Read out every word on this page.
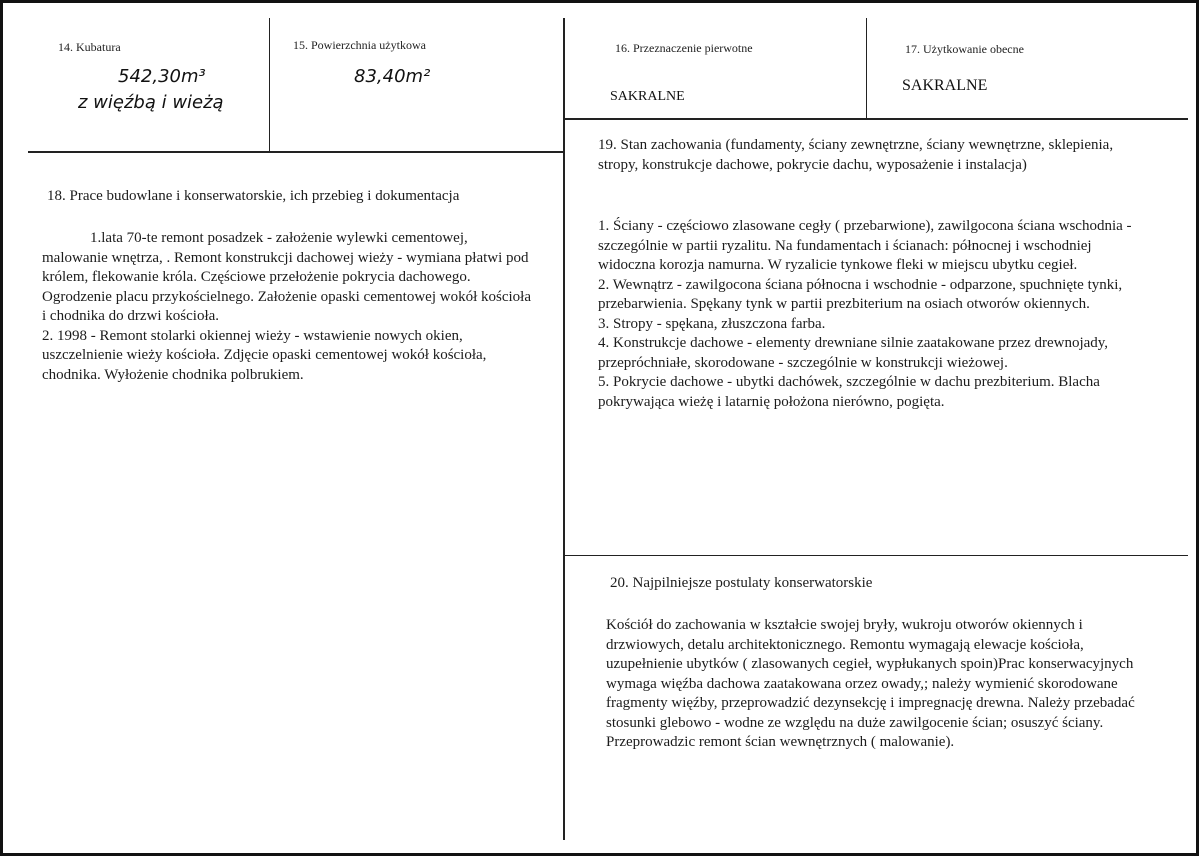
14. Kubatura
542,30m³
z więźbą i wieżą
15. Powierzchnia użytkowa
83,40m²
16. Przeznaczenie pierwotne
SAKRALNE
17. Użytkowanie obecne
SAKRALNE
18. Prace budowlane i konserwatorskie, ich przebieg i dokumentacja

1.lata 70-te remont posadzek - założenie wylewki cementowej, malowanie wnętrza, . Remont konstrukcji dachowej wieży - wymiana płatwi pod królem, flekowanie króla. Częściowe przełożenie pokrycia dachowego. Ogrodzenie placu przykościelnego. Założenie opaski cementowej wokół kościoła i chodnika do drzwi kościoła.

2. 1998 - Remont stolarki okiennej wieży - wstawienie nowych okien, uszczelnienie wieży kościoła. Zdjęcie opaski cementowej wokół kościoła, chodnika. Wyłożenie chodnika polbrukiem.

19. Stan zachowania (fundamenty, ściany zewnętrzne, ściany wewnętrzne, sklepienia, stropy, konstrukcje dachowe, pokrycie dachu, wyposażenie i instalacja)

1. Ściany - częściowo zlasowane cegły ( przebarwione), zawilgocona ściana wschodnia - szczególnie w partii ryzalitu. Na fundamentach i ścianach: północnej i wschodniej widoczna korozja namurna. W ryzalicie tynkowe fleki w miejscu ubytku cegieł.

2. Wewnątrz - zawilgocona ściana północna i wschodnie - odparzone, spuchnięte tynki, przebarwienia. Spękany tynk w partii prezbiterium na osiach otworów okiennych.

3. Stropy - spękana, złuszczona farba.

4. Konstrukcje dachowe - elementy drewniane silnie zaatakowane przez drewnojady, przepróchniałe, skorodowane - szczególnie w konstrukcji wieżowej.

5. Pokrycie dachowe - ubytki dachówek, szczególnie w dachu prezbiterium. Blacha pokrywająca wieżę i latarnię położona nierówno, pogięta.

20. Najpilniejsze postulaty konserwatorskie
Kościół do zachowania w kształcie swojej bryły, wukroju otworów okiennych i drzwiowych, detalu architektonicznego. Remontu wymagają elewacje kościoła, uzupełnienie ubytków ( zlasowanych cegieł, wypłukanych spoin)Prac konserwacyjnych wymaga więźba dachowa zaatakowana orzez owady,; należy wymienić skorodowane fragmenty więźby, przeprowadzić dezynsekcję i impregnację drewna. Należy przebadać stosunki glebowo - wodne ze względu na duże zawilgocenie ścian; osuszyć ściany. Przeprowadzic remont ścian wewnętrznych ( malowanie).
